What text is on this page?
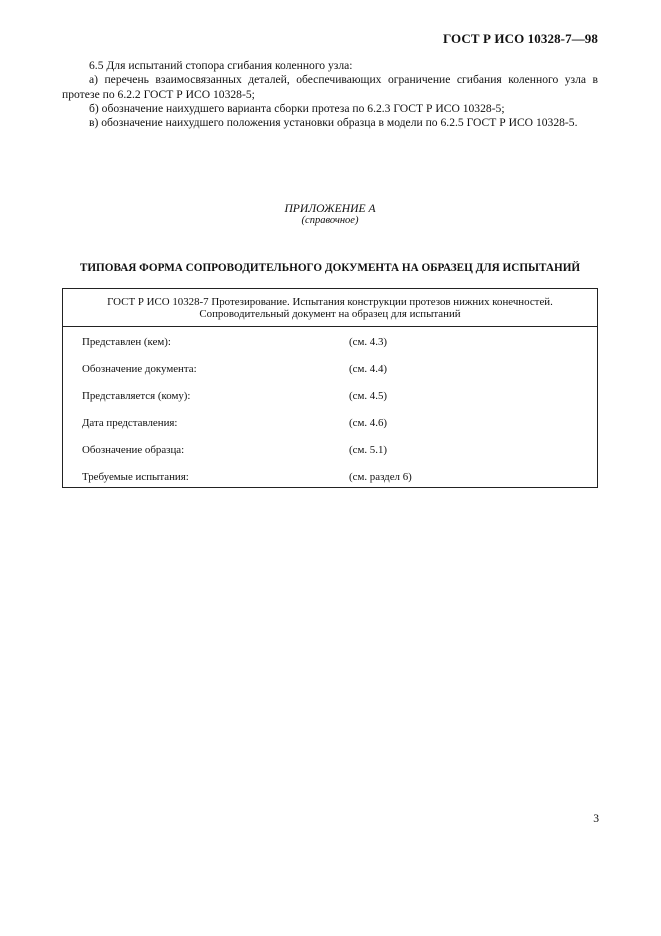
ГОСТ Р ИСО 10328-7—98

6.5 Для испытаний стопора сгибания коленного узла:

а) перечень взаимосвязанных деталей, обеспечивающих ограничение сгибания коленного узла в протезе по 6.2.2 ГОСТ Р ИСО 10328-5;

б) обозначение наихудшего варианта сборки протеза по 6.2.3 ГОСТ Р ИСО 10328-5;

в) обозначение наихудшего положения установки образца в модели по 6.2.5 ГОСТ Р ИСО 10328-5.

ПРИЛОЖЕНИЕ А
(справочное)
ТИПОВАЯ ФОРМА СОПРОВОДИТЕЛЬНОГО ДОКУМЕНТА НА ОБРАЗЕЦ ДЛЯ ИСПЫТАНИЙ
ГОСТ Р ИСО 10328-7 Протезирование. Испытания конструкции протезов нижних конечностей.
Сопроводительный документ на образец для испытаний
Представлен (кем):	(см. 4.3)
Обозначение документа:	(см. 4.4)
Представляется (кому):	(см. 4.5)
Дата представления:	(см. 4.6)
Обозначение образца:	(см. 5.1)
Требуемые испытания:	(см. раздел 6)
3
